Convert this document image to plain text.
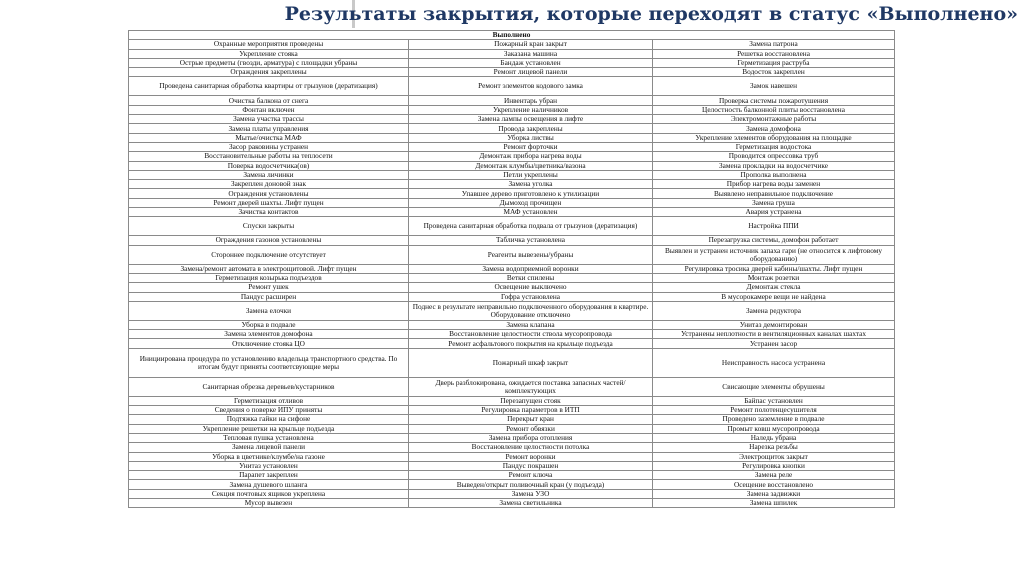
Результаты закрытия, которые переходят в статус «Выполнено»
Выполнено		
Охранные мероприятия проведены	Пожарный кран закрыт	Замена патрона
Укрепление стояка	Заказана машина	Решетка восстановлена
Острые предметы (гвозди, арматура) с площадки убраны	Бандаж установлен	Герметизация раструба
Ограждения закреплены	Ремонт лицевой панели	Водосток закреплен
Проведена санитарная обработка квартиры от грызунов (дератизация)	Ремонт элементов кодового замка	Замок навешен
Очистка балкона от снега	Инвентарь убран	Проверка системы пожаротушения
Фонтан включен	Укрепление наличников	Целостность балконной плиты восстановлена
Замена участка трассы	Замена лампы освещения в лифте	Электромонтажные работы
Замена платы управления	Провода закреплены	Замена домофона
Мытье/очистка МАФ	Уборка листвы	Укрепление элементов оборудования на площадке
Засор раковины устранен	Ремонт форточки	Герметизация водостока
Восстановительные работы на теплосети	Демонтаж прибора нагрева воды	Проводится опрессовка труб
Поверка водосчетчика(ов)	Демонтаж клумбы/цветника/вазона	Замена прокладки на водосчетчике
Замена личинки	Петли укреплены	Прополка выполнена
Закреплен доновой знак	Замена уголка	Прибор нагрева воды заменен
Ограждения установлены	Упавшее дерево приготовлено к утилизации	Выявлено неправильное подключение
Ремонт дверей шахты. Лифт пущен	Дымоход прочищен	Замена груша
Зачистка контактов	МАФ установлен	Авария устранена
Спуски закрыты	Проведена санитарная обработка подвала от грызунов (дератизация)	Настройка ППИ
Ограждения газонов установлены	Табличка установлена	Перезагрузка системы, домофон работает
Стороннее подключение отсутствует	Реагенты вывезены/убраны	Выявлен и устранен источник запаха гари (не относится к лифтовому оборудованию)
Замена/ремонт автомата в электрощитовой. Лифт пущен	Замена водоприемной воронки	Регулировка тросика дверей кабины/шахты. Лифт пущен
Герметизация козырька подъездов	Ветки спилены	Монтаж розетки
Ремонт ушек	Освещение выключено	Демонтаж стекла
Пандус расширен	Гофра установлена	В мусорокамере вещи не найдена
Замена елочки	Поднес в результате неправильно подключенного оборудования в квартире. Оборудование отключено	Замена редуктора
Уборка в подвале	Замена клапана	Унитаз демонтирован
Замена элементов домофона	Восстановление целостности ствола мусоропровода	Устранены неплотности в вентиляционных каналах шахтах
Отключение стояка ЦО	Ремонт асфальтового покрытия на крыльце подъезда	Устранен засор
Инициирована процедура по установлению владельца транспортного средства. По итогам будут приняты соответсвующие меры	Пожарный шкаф закрыт	Неисправность насоса устранена
Санитарная обрезка деревьев/кустарников	Дверь разблокирована, ожидается поставка запасных частей/комплектующих	Свисающие элементы обрушены
Герметизация отливов	Перезапущен стояк	Байпас установлен
Сведения о поверке ИПУ приняты	Регулировка параметров в ИТП	Ремонт полотенцесушителя
Подтяжка гайки на сифоне	Перекрыт кран	Проведено заземление в подвале
Укрепление решетки на крыльце подъезда	Ремонт обвязки	Промыт ковш мусоропровода
Тепловая пушка установлена	Замена прибора отопления	Наледь убрана
Замена лицевой панели	Восстановление целостности потолка	Нарезка резьбы
Уборка в цветнике/клумбе/на газоне	Ремонт воронки	Электрощиток закрыт
Унитаз установлен	Пандус покрашен	Регулировка кнопки
Парапет закреплен	Ремонт ключа	Замена реле
Замена душевого шланга	Выведен/открыт поливочный кран (у подъезда)	Осещение восстановлено
Секция почтовых ящиков укреплена	Замена УЗО	Замена задвижки
Мусор вывезен	Замена светильника	Замена шпилек
